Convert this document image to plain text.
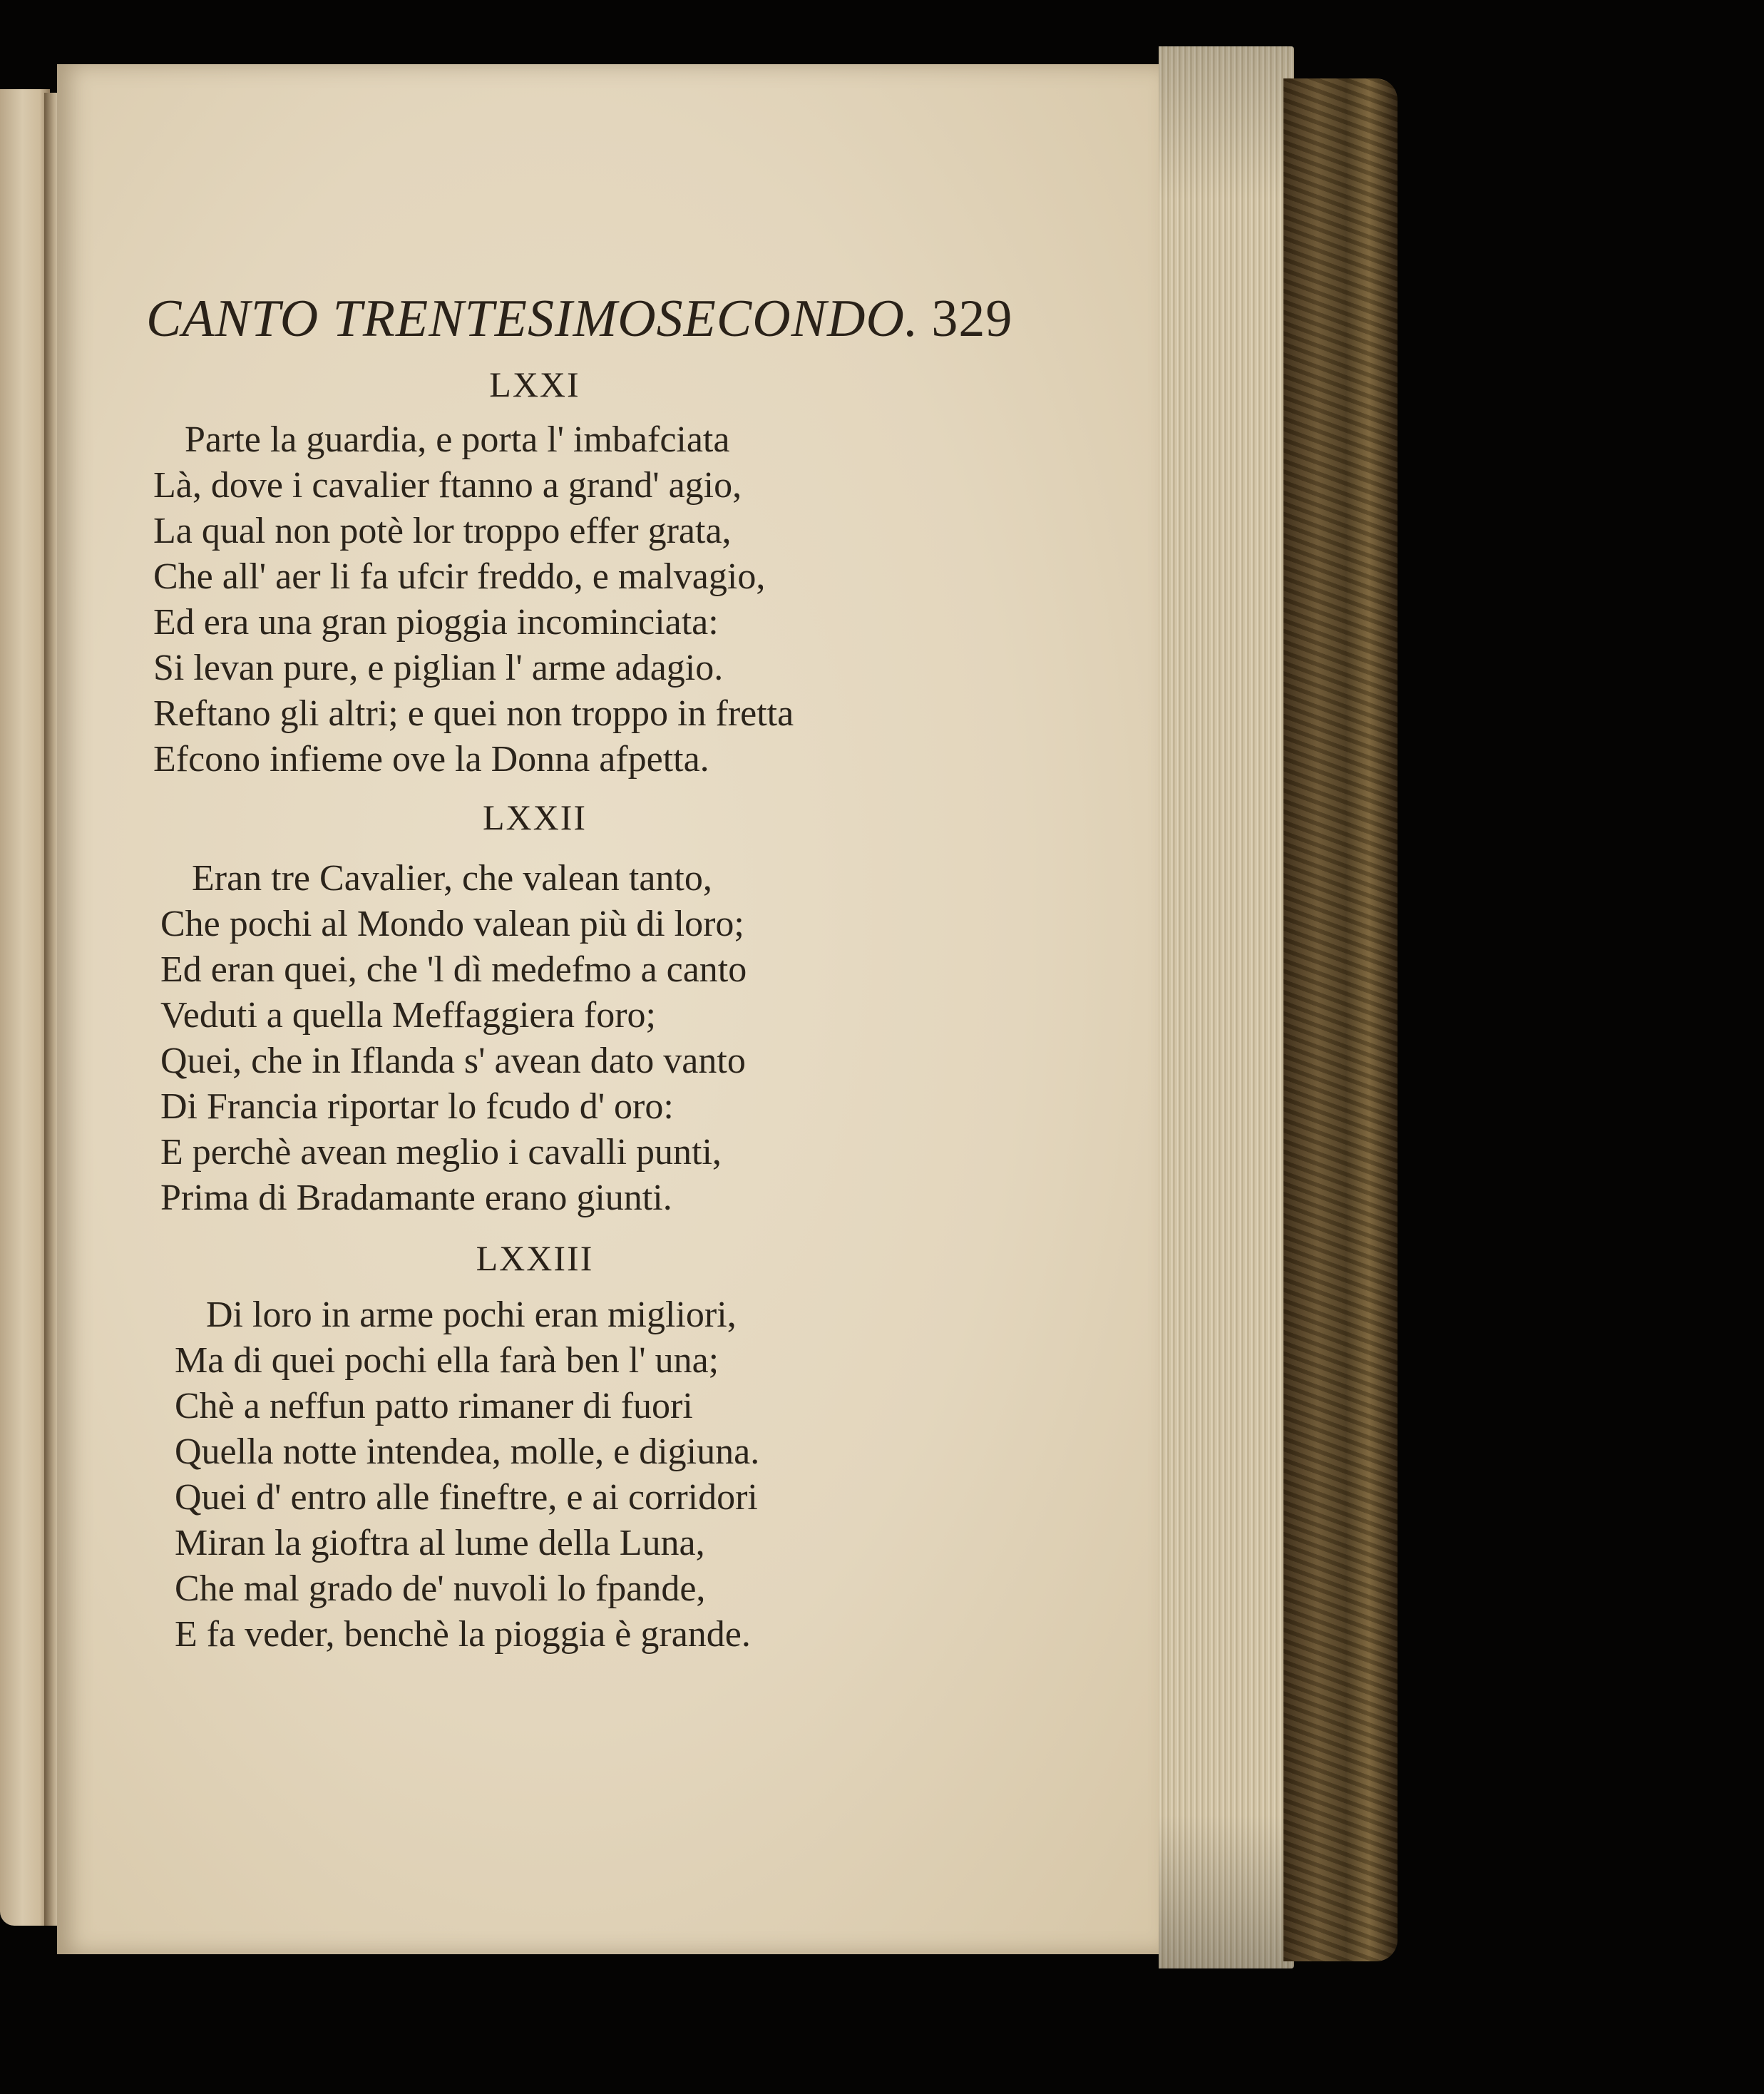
CANTO TRENTESIMOSECONDO. 329
LXXI
Parte la guardia, e porta l' imbafciata
Là, dove i cavalier ftanno a grand' agio,
La qual non potè lor troppo effer grata,
Che all' aer li fa ufcir freddo, e malvagio,
Ed era una gran pioggia incominciata:
Si levan pure, e piglian l' arme adagio.
Reftano gli altri; e quei non troppo in fretta
Efcono infieme ove la Donna afpetta.
LXXII
Eran tre Cavalier, che valean tanto,
Che pochi al Mondo valean più di loro;
Ed eran quei, che 'l dì medefmo a canto
Veduti a quella Meffaggiera foro;
Quei, che in Iflanda s' avean dato vanto
Di Francia riportar lo fcudo d' oro:
E perchè avean meglio i cavalli punti,
Prima di Bradamante erano giunti.
LXXIII
Di loro in arme pochi eran migliori,
Ma di quei pochi ella farà ben l' una;
Chè a neffun patto rimaner di fuori
Quella notte intendea, molle, e digiuna.
Quei d' entro alle fineftre, e ai corridori
Miran la gioftra al lume della Luna,
Che mal grado de' nuvoli lo fpande,
E fa veder, benchè la pioggia è grande.
